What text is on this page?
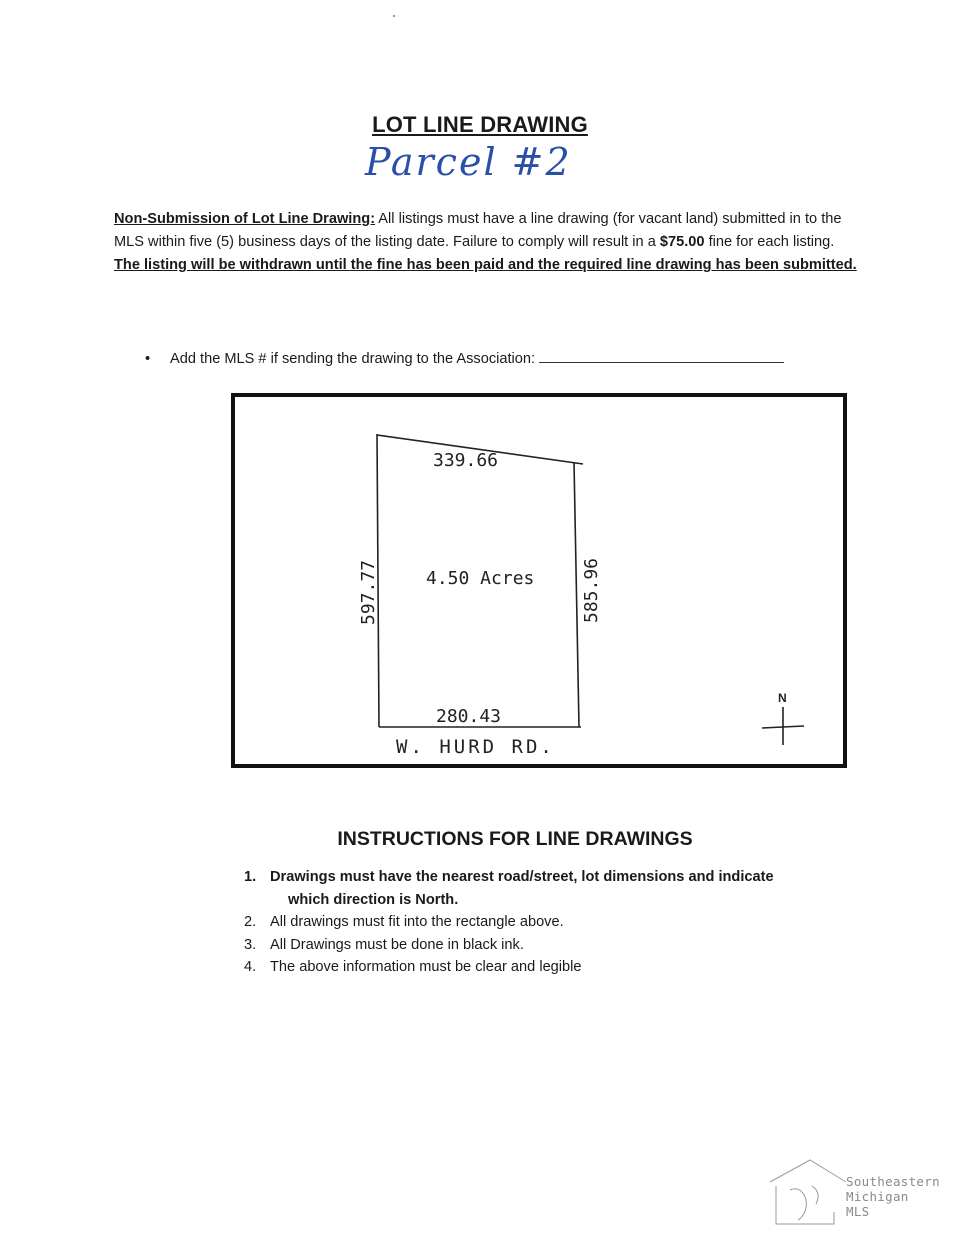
LOT LINE DRAWING
Parcel #2
Non-Submission of Lot Line Drawing: All listings must have a line drawing (for vacant land) submitted in to the MLS within five (5) business days of the listing date. Failure to comply will result in a $75.00 fine for each listing. The listing will be withdrawn until the fine has been paid and the required line drawing has been submitted.
• Add the MLS # if sending the drawing to the Association:
339.66
4.50 Acres
280.43
597.77	585.96
W. HURD RD.
N
INSTRUCTIONS FOR LINE DRAWINGS
1. Drawings must have the nearest road/street, lot dimensions and indicate
which direction is North.
2. All drawings must fit into the rectangle above.
3. All Drawings must be done in black ink.
4. The above information must be clear and legible
Southeastern
Michigan
MLS
